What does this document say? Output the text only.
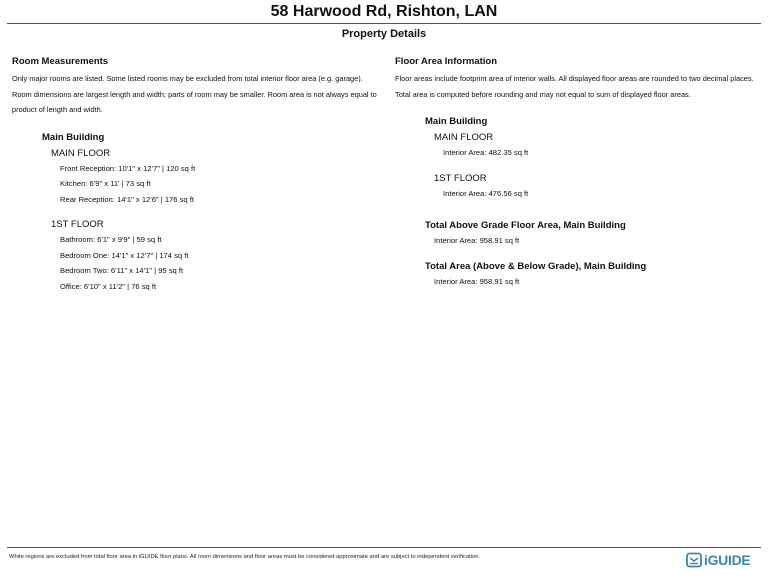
58 Harwood Rd, Rishton, LAN
Property Details
Room Measurements
Only major rooms are listed. Some listed rooms may be excluded from total interior floor area (e.g. garage). Room dimensions are largest length and width; parts of room may be smaller. Room area is not always equal to product of length and width.
Main Building
MAIN FLOOR
Front Reception: 10'1" x 12'7" | 120 sq ft
Kitchen: 6'9" x 11' | 73 sq ft
Rear Reception: 14'1" x 12'6" | 176 sq ft
1ST FLOOR
Bathroom: 6'1" x 9'9" | 59 sq ft
Bedroom One: 14'1" x 12'7" | 174 sq ft
Bedroom Two: 6'11" x 14'1" | 95 sq ft
Office: 6'10" x 11'2" | 76 sq ft
Floor Area Information
Floor areas include footprint area of interior walls. All displayed floor areas are rounded to two decimal places. Total area is computed before rounding and may not equal to sum of displayed floor areas.
Main Building
MAIN FLOOR
Interior Area: 482.35 sq ft
1ST FLOOR
Interior Area: 476.56 sq ft
Total Above Grade Floor Area, Main Building
Interior Area: 958.91 sq ft
Total Area (Above & Below Grade), Main Building
Interior Area: 958.91 sq ft
White regions are excluded from total floor area in iGUIDE floor plans. All room dimensions and floor areas must be considered approximate and are subject to independent verification.	iGUIDE
